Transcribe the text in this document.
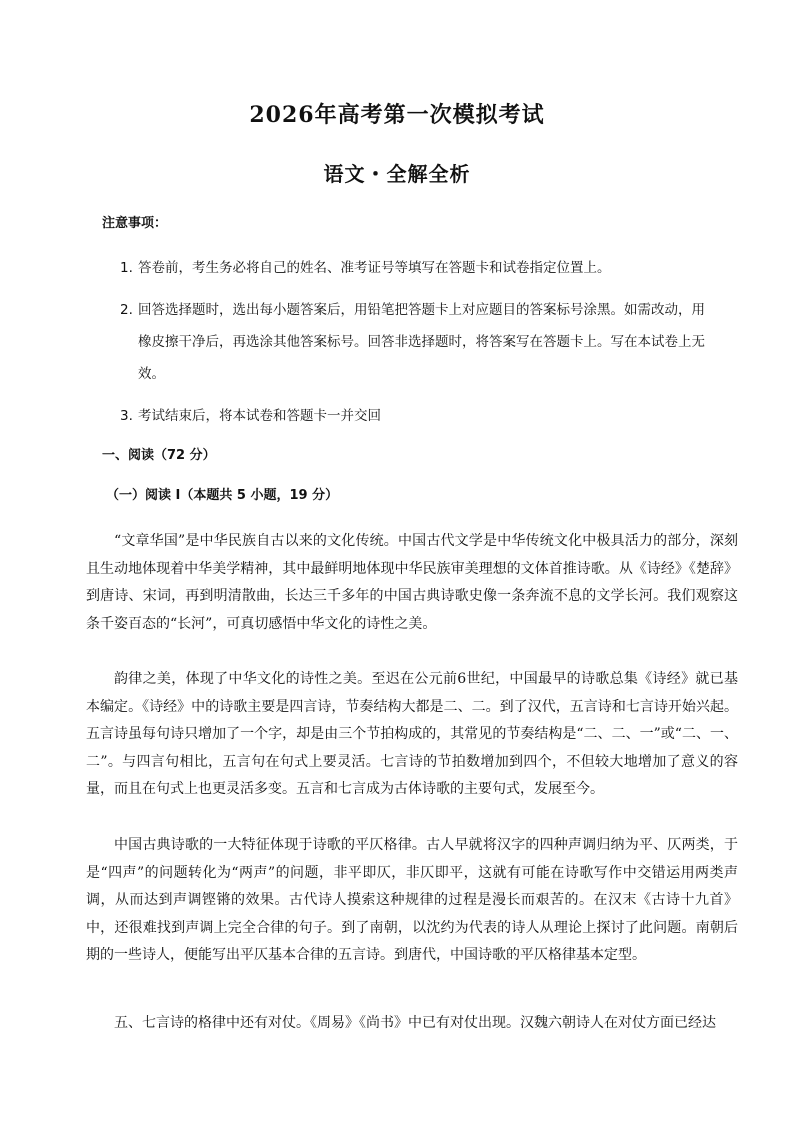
2026年高考第一次模拟考试
语文・全解全析
注意事项：
1. 答卷前，考生务必将自己的姓名、准考证号等填写在答题卡和试卷指定位置上。
2. 回答选择题时，选出每小题答案后，用铅笔把答题卡上对应题目的答案标号涂黑。如需改动，用
橡皮擦干净后，再选涂其他答案标号。回答非选择题时，将答案写在答题卡上。写在本试卷上无
效。
3. 考试结束后，将本试卷和答题卡一并交回
一、阅读（72 分）
（一）阅读 I（本题共 5 小题，19 分）

“文章华国”是中华民族自古以来的文化传统。中国古代文学是中华传统文化中极具活力的部分，深刻且生动地体现着中华美学精神，其中最鲜明地体现中华民族审美理想的文体首推诗歌。从《诗经》《楚辞》到唐诗、宋词，再到明清散曲，长达三千多年的中国古典诗歌史像一条奔流不息的文学长河。我们观察这条千姿百态的“长河”，可真切感悟中华文化的诗性之美。

韵律之美，体现了中华文化的诗性之美。至迟在公元前6世纪，中国最早的诗歌总集《诗经》就已基本编定。《诗经》中的诗歌主要是四言诗，节奏结构大都是二、二。到了汉代，五言诗和七言诗开始兴起。五言诗虽每句诗只增加了一个字，却是由三个节拍构成的，其常见的节奏结构是“二、二、一”或“二、一、二”。与四言句相比，五言句在句式上要灵活。七言诗的节拍数增加到四个，不但较大地增加了意义的容量，而且在句式上也更灵活多变。五言和七言成为古体诗歌的主要句式，发展至今。

中国古典诗歌的一大特征体现于诗歌的平仄格律。古人早就将汉字的四种声调归纳为平、仄两类，于是“四声”的问题转化为“两声”的问题，非平即仄，非仄即平，这就有可能在诗歌写作中交错运用两类声调，从而达到声调铿锵的效果。古代诗人摸索这种规律的过程是漫长而艰苦的。在汉末《古诗十九首》中，还很难找到声调上完全合律的句子。到了南朝，以沈约为代表的诗人从理论上探讨了此问题。南朝后期的一些诗人，便能写出平仄基本合律的五言诗。到唐代，中国诗歌的平仄格律基本定型。

五、七言诗的格律中还有对仗。《周易》《尚书》中已有对仗出现。汉魏六朝诗人在对仗方面已经达
